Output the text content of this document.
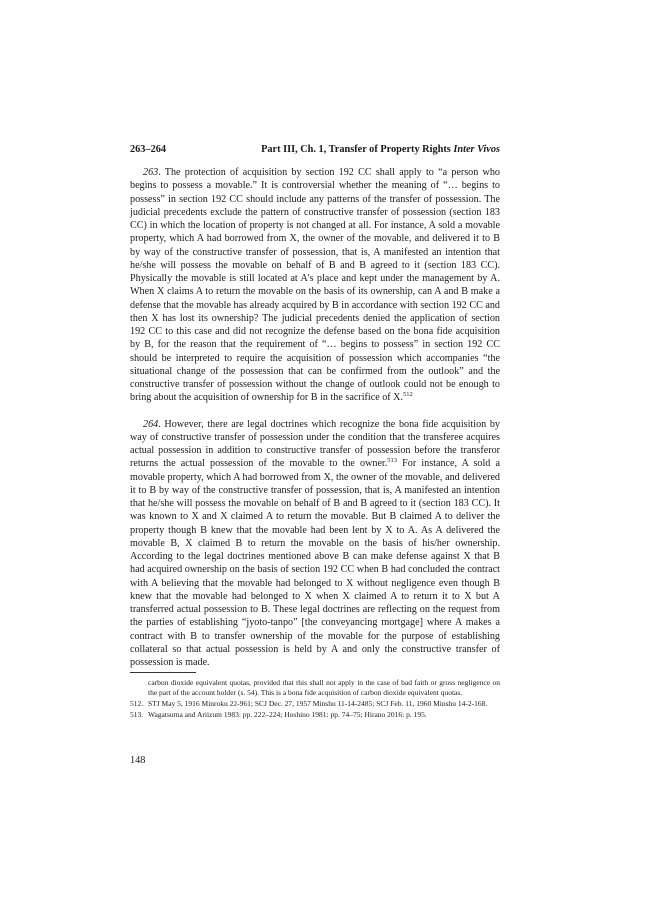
263–264	Part III, Ch. 1, Transfer of Property Rights Inter Vivos

263. The protection of acquisition by section 192 CC shall apply to “a person who begins to possess a movable.” It is controversial whether the meaning of “… begins to possess” in section 192 CC should include any patterns of the transfer of possession. The judicial precedents exclude the pattern of constructive transfer of possession (section 183 CC) in which the location of property is not changed at all. For instance, A sold a movable property, which A had borrowed from X, the owner of the movable, and delivered it to B by way of the constructive transfer of possession, that is, A manifested an intention that he/she will possess the movable on behalf of B and B agreed to it (section 183 CC). Physically the movable is still located at A's place and kept under the management by A. When X claims A to return the movable on the basis of its ownership, can A and B make a defense that the movable has already acquired by B in accordance with section 192 CC and then X has lost its ownership? The judicial precedents denied the application of section 192 CC to this case and did not recognize the defense based on the bona fide acquisition by B, for the reason that the requirement of “… begins to possess” in section 192 CC should be interpreted to require the acquisition of possession which accompanies “the situational change of the possession that can be confirmed from the outlook” and the constructive transfer of possession without the change of outlook could not be enough to bring about the acquisition of ownership for B in the sacrifice of X.$^{512}$

264. However, there are legal doctrines which recognize the bona fide acquisition by way of constructive transfer of possession under the condition that the transferee acquires actual possession in addition to constructive transfer of possession before the transferor returns the actual possession of the movable to the owner.$^{513}$ For instance, A sold a movable property, which A had borrowed from X, the owner of the movable, and delivered it to B by way of the constructive transfer of possession, that is, A manifested an intention that he/she will possess the movable on behalf of B and B agreed to it (section 183 CC). It was known to X and X claimed A to return the movable. But B claimed A to deliver the property though B knew that the movable had been lent by X to A. As A delivered the movable B, X claimed B to return the movable on the basis of his/her ownership. According to the legal doctrines mentioned above B can make defense against X that B had acquired ownership on the basis of section 192 CC when B had concluded the contract with A believing that the movable had belonged to X without negligence even though B knew that the movable had belonged to X when X claimed A to return it to X but A transferred actual possession to B. These legal doctrines are reflecting on the request from the parties of establishing “jyoto-tanpo” [the conveyancing mortgage] where A makes a contract with B to transfer ownership of the movable for the purpose of establishing collateral so that actual possession is held by A and only the constructive transfer of possession is made.

carbon dioxide equivalent quotas, provided that this shall not apply in the case of bad faith or gross negligence on the part of the account holder (s. 54). This is a bona fide acquisition of carbon dioxide equivalent quotas.

512. STJ May 5, 1916 Minroku 22-961; SCJ Dec. 27, 1957 Minshu 11-14-2485; SCJ Feb. 11, 1960 Minshu 14-2-168.

513. Wagatsuma and Ariizum 1983: pp. 222–224; Hoshino 1981: pp. 74–75; Hirano 2016: p. 195.

148
